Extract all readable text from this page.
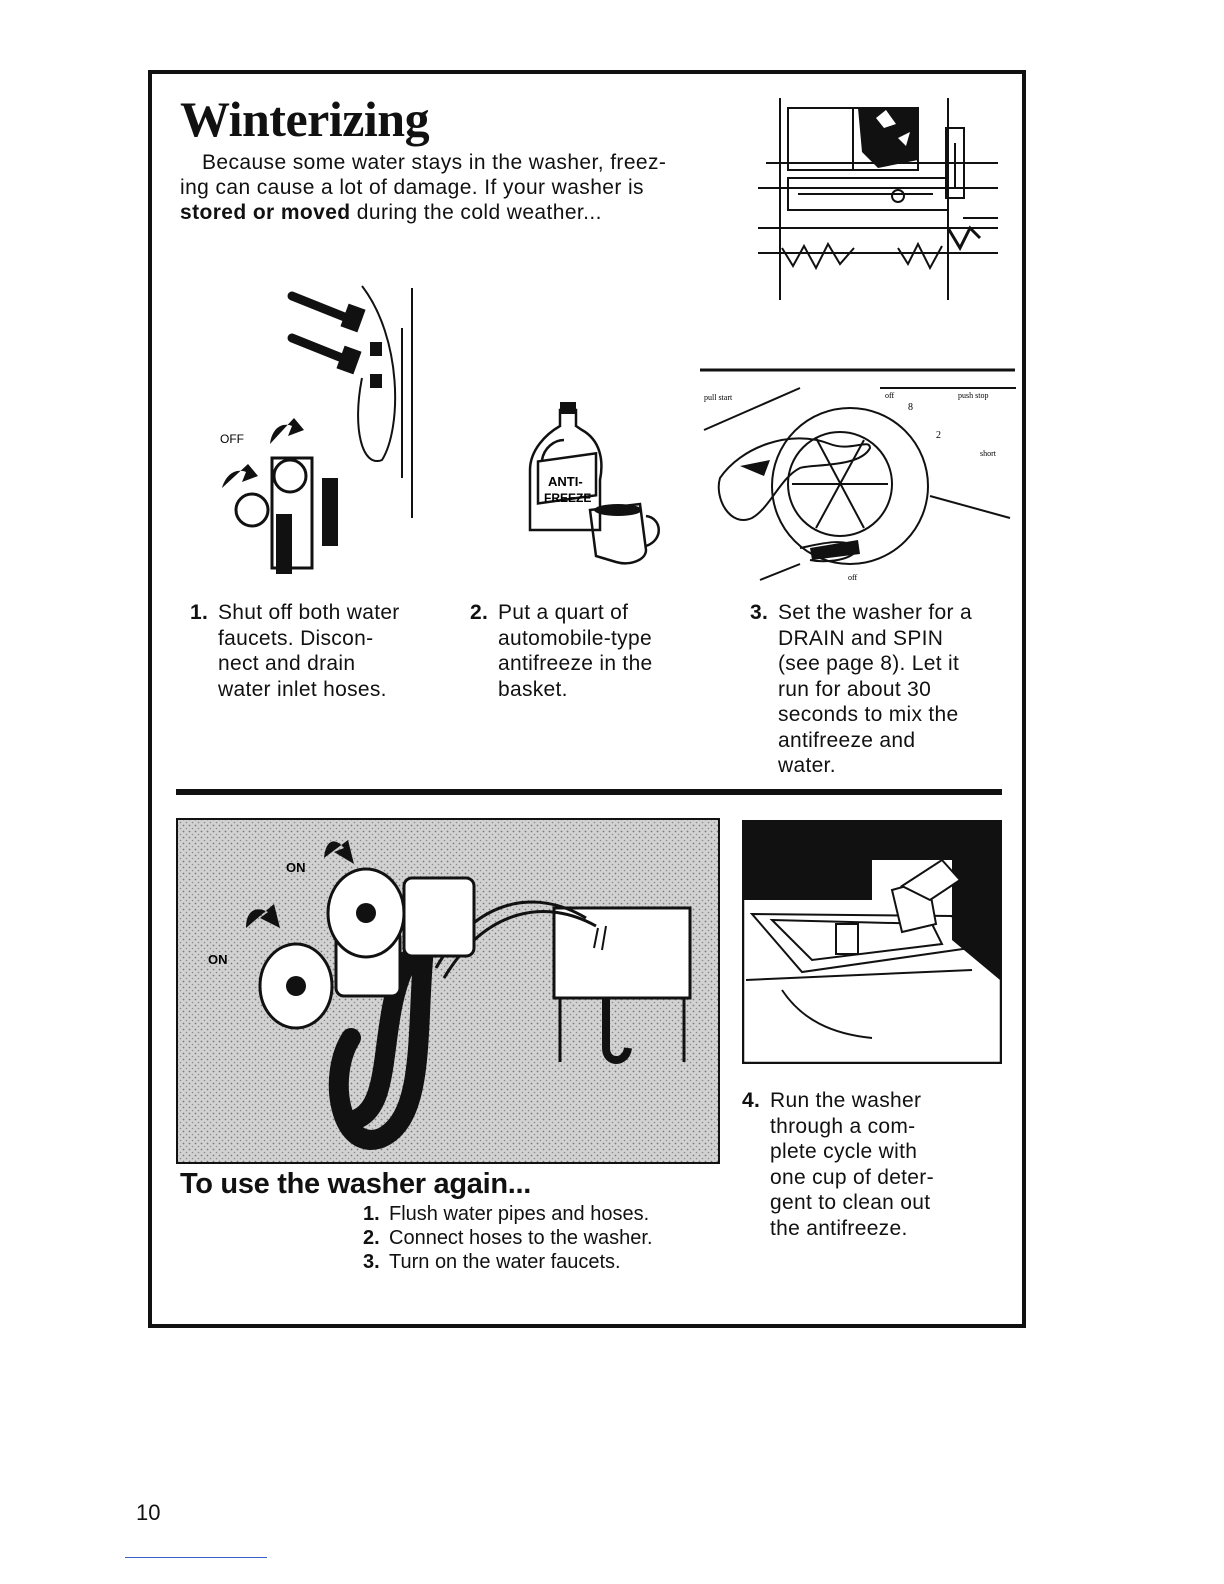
Winterizing
Because some water stays in the washer, freez-
ing can cause a lot of damage. If your washer is
stored or moved during the cold weather...
OFF
ANTI-
FREEZE
pull start	push stop
off
off
short
8
2
1. Shut off both water
faucets. Discon-
nect and drain
water inlet hoses.
2. Put a quart of
automobile-type
antifreeze in the
basket.
3. Set the washer for a
DRAIN and SPIN
(see page 8). Let it
run for about 30
seconds to mix the
antifreeze and
water.
ON
ON
4. Run the washer
through a com-
plete cycle with
one cup of deter-
gent to clean out
the antifreeze.
To use the washer again...
1. Flush water pipes and hoses.
2. Connect hoses to the washer.
3. Turn on the water faucets.
10
